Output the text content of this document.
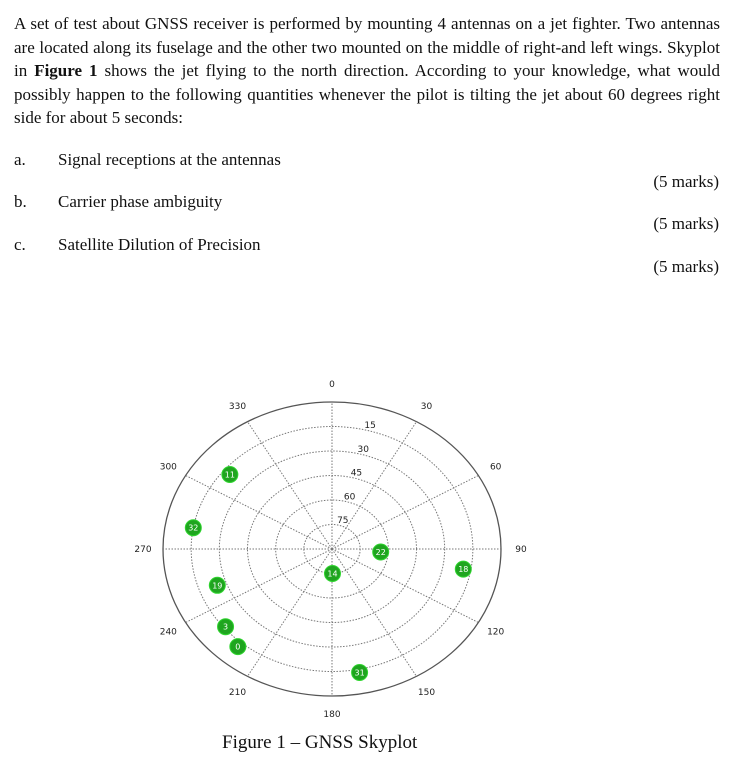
A set of test about GNSS receiver is performed by mounting 4 antennas on a jet fighter. Two antennas are located along its fuselage and the other two mounted on the middle of right-and left wings. Skyplot in Figure 1 shows the jet flying to the north direction. According to your knowledge, what would possibly happen to the following quantities whenever the pilot is tilting the jet about 60 degrees right side for about 5 seconds:
a. Signal receptions at the antennas
(5 marks)
b. Carrier phase ambiguity
(5 marks)
c. Satellite Dilution of Precision
(5 marks)
0
30
60
90
120
150
180
210
240
270
300
330
15
30
45
60
75
11
32
19
3
0
31
14
22
18
Figure 1 – GNSS Skyplot
